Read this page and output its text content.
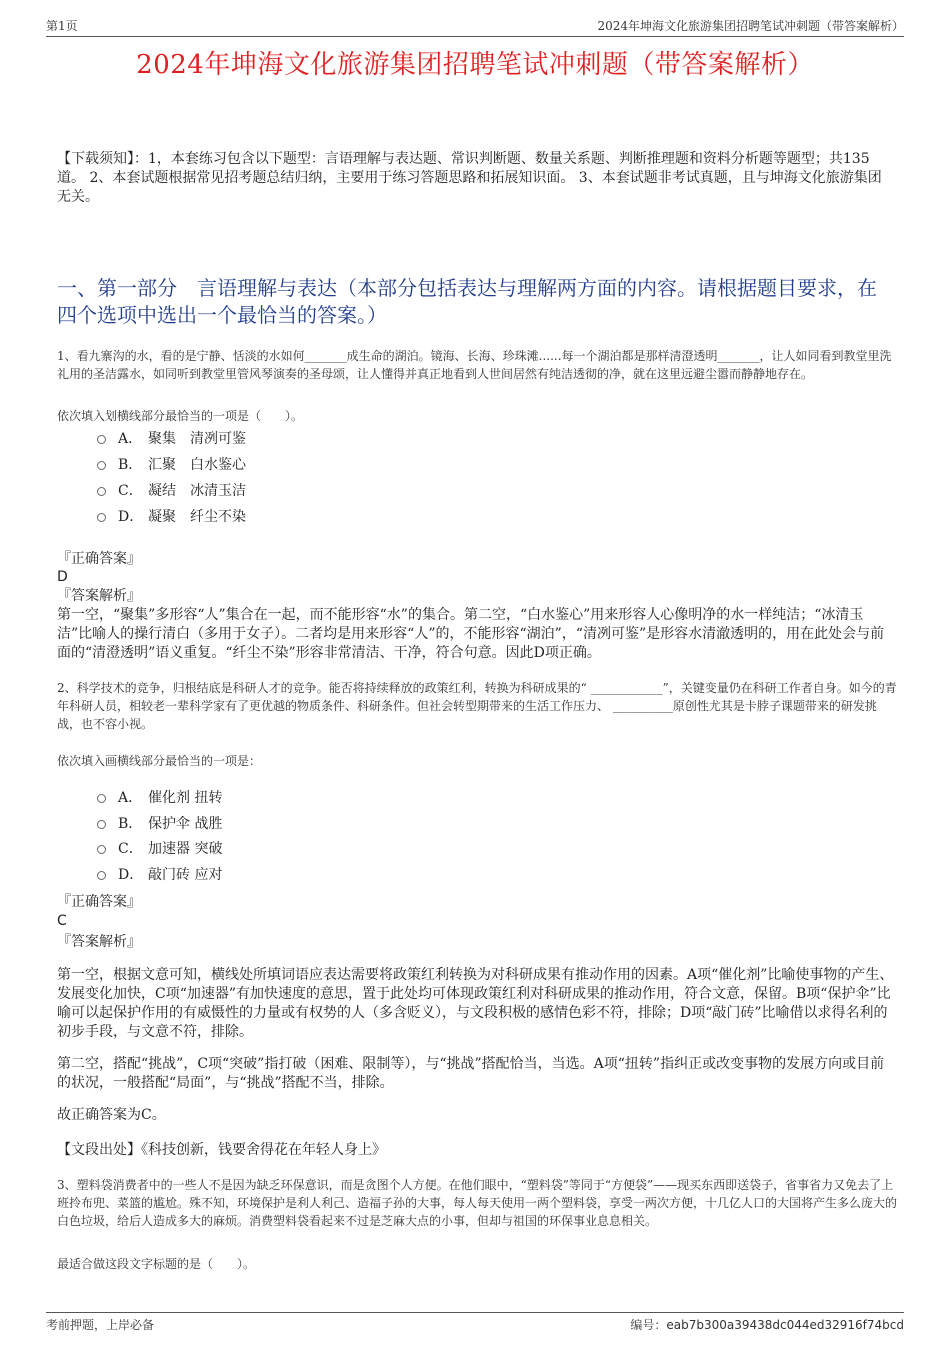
第1页	2024年坤海文化旅游集团招聘笔试冲刺题（带答案解析）
2024年坤海文化旅游集团招聘笔试冲刺题（带答案解析）
【下载须知】：1，本套练习包含以下题型：言语理解与表达题、常识判断题、数量关系题、判断推理题和资料分析题等题型；共135道。 2、本套试题根据常见招考题总结归纳，主要用于练习答题思路和拓展知识面。 3、本套试题非考试真题，且与坤海文化旅游集团无关。
一、第一部分　言语理解与表达（本部分包括表达与理解两方面的内容。请根据题目要求，在四个选项中选出一个最恰当的答案。）
1、看九寨沟的水，看的是宁静、恬淡的水如何_______成生命的湖泊。镜海、长海、珍珠滩......每一个湖泊都是那样清澄透明_______，让人如同看到教堂里洗礼用的圣洁露水，如同听到教堂里管风琴演奏的圣母颂，让人懂得并真正地看到人世间居然有纯洁透彻的净，就在这里远避尘嚣而静静地存在。
依次填入划横线部分最恰当的一项是（　　）。
A． 聚集　清冽可鉴
B． 汇聚　白水鉴心
C． 凝结　冰清玉洁
D． 凝聚　纤尘不染
『正确答案』
D
『答案解析』
第一空，“聚集”多形容“人”集合在一起，而不能形容“水”的集合。第二空，“白水鉴心”用来形容人心像明净的水一样纯洁；“冰清玉洁”比喻人的操行清白（多用于女子）。二者均是用来形容“人”的，不能形容“湖泊”，“清冽可鉴”是形容水清澈透明的，用在此处会与前面的“清澄透明”语义重复。“纤尘不染”形容非常清洁、干净，符合句意。因此D项正确。
2、科学技术的竞争，归根结底是科研人才的竞争。能否将持续释放的政策红利，转换为科研成果的“ ____________”，关键变量仍在科研工作者自身。如今的青年科研人员，相较老一辈科学家有了更优越的物质条件、科研条件。但社会转型期带来的生活工作压力、 __________原创性尤其是卡脖子课题带来的研发挑战，也不容小视。
依次填入画横线部分最恰当的一项是：
A． 催化剂 扭转
B． 保护伞 战胜
C． 加速器 突破
D． 敲门砖 应对
『正确答案』
C
『答案解析』
第一空，根据文意可知，横线处所填词语应表达需要将政策红利转换为对科研成果有推动作用的因素。A项“催化剂”比喻使事物的产生、发展变化加快，C项“加速器”有加快速度的意思，置于此处均可体现政策红利对科研成果的推动作用，符合文意，保留。B项“保护伞”比喻可以起保护作用的有威慑性的力量或有权势的人（多含贬义），与文段积极的感情色彩不符，排除；D项“敲门砖”比喻借以求得名利的初步手段，与文意不符，排除。
第二空，搭配“挑战”，C项“突破”指打破（困难、限制等），与“挑战”搭配恰当，当选。A项“扭转”指纠正或改变事物的发展方向或目前的状况，一般搭配“局面”，与“挑战”搭配不当，排除。
故正确答案为C。
【文段出处】《科技创新，钱要舍得花在年轻人身上》
3、塑料袋消费者中的一些人不是因为缺乏环保意识，而是贪图个人方便。在他们眼中，“塑料袋”等同于“方便袋”——现买东西即送袋子，省事省力又免去了上班拎布兜、菜篮的尴尬。殊不知，环境保护是利人利己、造福子孙的大事，每人每天使用一两个塑料袋，享受一两次方便，十几亿人口的大国将产生多么庞大的白色垃圾，给后人造成多大的麻烦。消费塑料袋看起来不过是芝麻大点的小事，但却与祖国的环保事业息息相关。
最适合做这段文字标题的是（　　）。
考前押题，上岸必备	编号：eab7b300a39438dc044ed32916f74bcd
